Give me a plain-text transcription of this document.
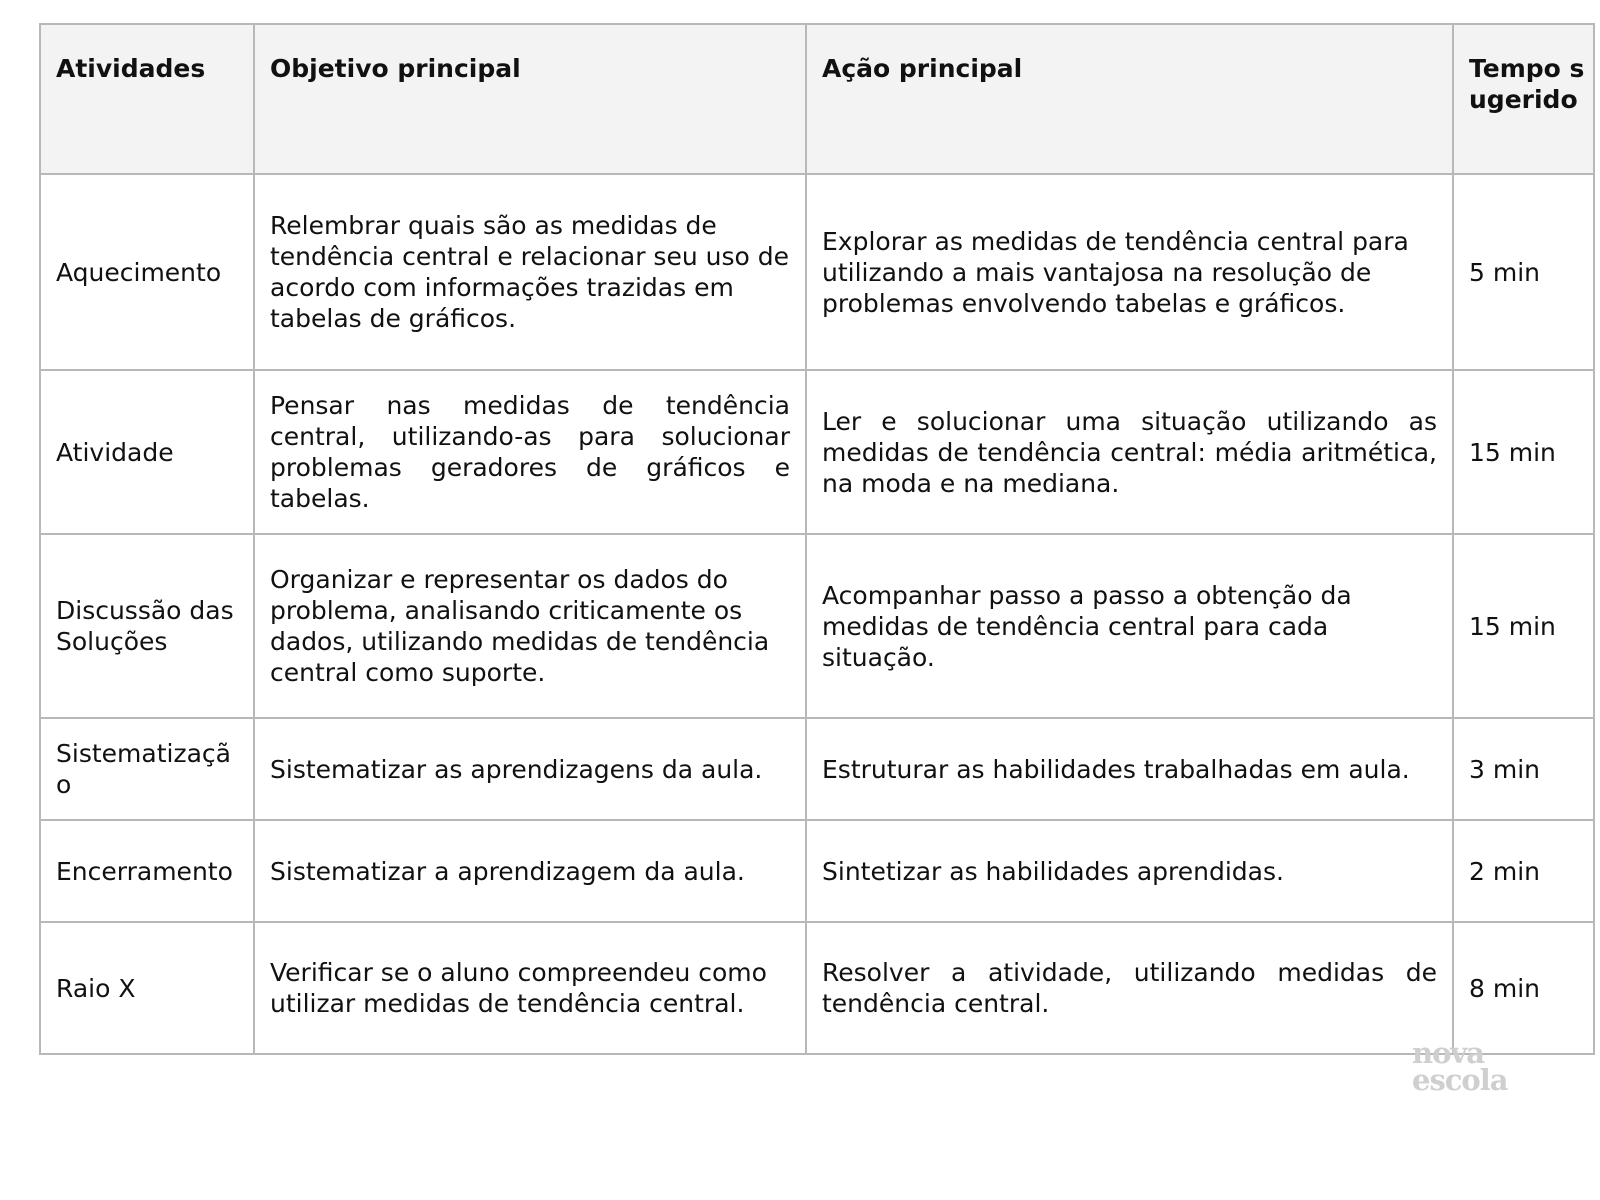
Atividades	Objetivo principal	Ação principal	Tempo sugerido
Aquecimento	Relembrar quais são as medidas de tendência central e relacionar seu uso de acordo com informações trazidas em tabelas de gráficos.	Explorar as medidas de tendência central para utilizando a mais vantajosa na resolução de problemas envolvendo tabelas e gráficos.	5 min
Atividade	Pensar nas medidas de tendência central, utilizando-as para solucionar problemas geradores de gráficos e tabelas.	Ler e solucionar uma situação utilizando as medidas de tendência central: média aritmética, na moda e na mediana.	15 min
Discussão das Soluções	Organizar e representar os dados do problema, analisando criticamente os dados, utilizando medidas de tendência central como suporte.	Acompanhar passo a passo a obtenção da medidas de tendência central para cada situação.	15 min
Sistematização	Sistematizar as aprendizagens da aula.	Estruturar as habilidades trabalhadas em aula.	3 min
Encerramento	Sistematizar a aprendizagem da aula.	Sintetizar as habilidades aprendidas.	2 min
Raio X	Verificar se o aluno compreendeu como utilizar medidas de tendência central.	Resolver a atividade, utilizando medidas de tendência central.	8 min
nova
escola
